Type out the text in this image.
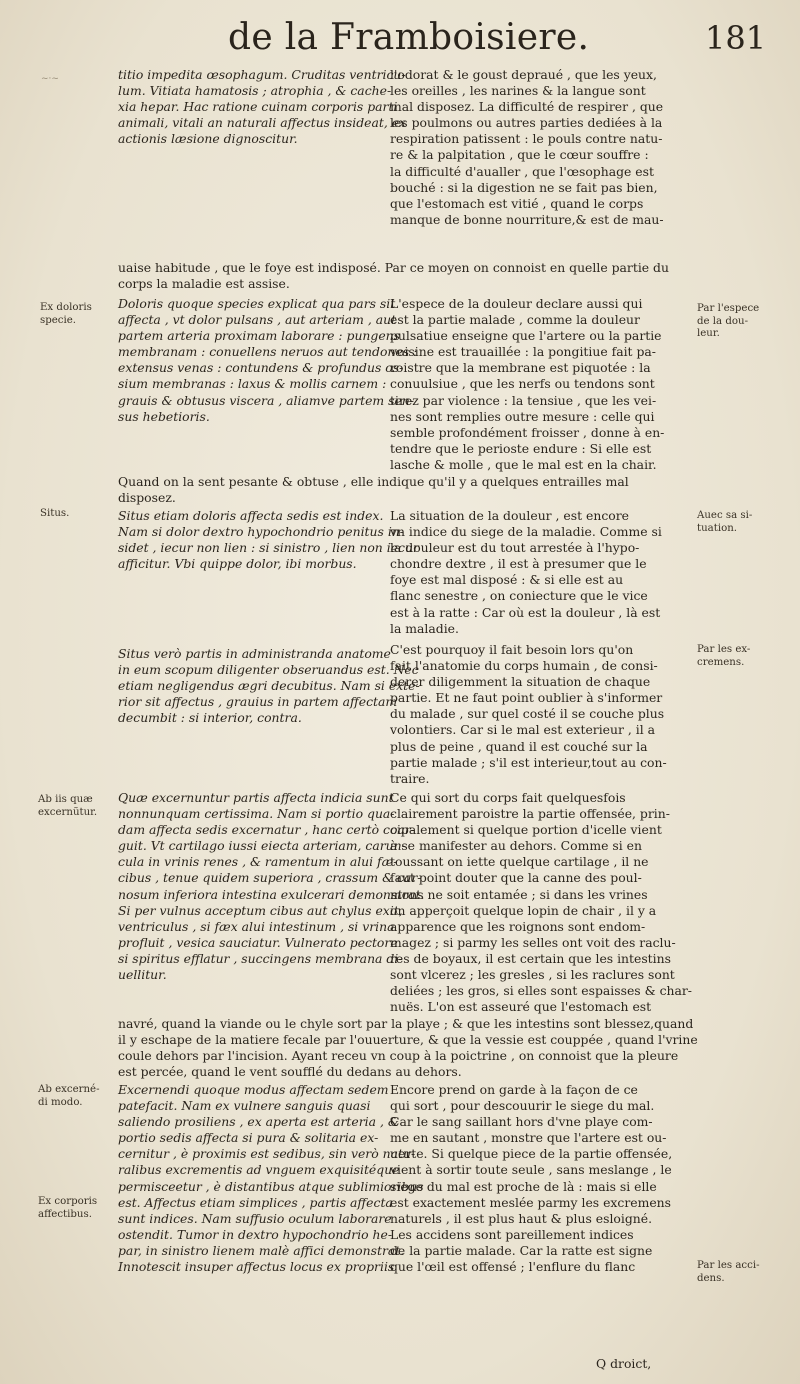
~·~
de la Framboisiere.	181
titio impedita œsophagum. Cruditas ventricu-
lum. Vitiata hamatosis ; atrophia , & cache-
xia hepar. Hac ratione cuinam corporis parti
animali, vitali an naturali affectus insideat, ex
actionis læsione dignoscitur.
l'odorat & le goust depraué , que les yeux,
les oreilles , les narines & la langue sont
mal disposez. La difficulté de respirer , que
les poulmons ou autres parties dediées à la
respiration patissent : le pouls contre natu-
re & la palpitation , que le cœur souffre :
la difficulté d'aualler , que l'œsophage est
bouché : si la digestion ne se fait pas bien,
que l'estomach est vitié , quand le corps
manque de bonne nourriture,& est de mau-
uaise habitude , que le foye est indisposé. Par ce moyen on connoist en quelle partie du
corps la maladie est assise.
Doloris quoque species explicat qua pars sit
affecta , vt dolor pulsans , aut arteriam , aut
partem arteria proximam laborare : pungens
membranam : conuellens neruos aut tendones :
extensus venas : contundens & profundus os-
sium membranas : laxus & mollis carnem :
grauis & obtusus viscera , aliamve partem sen-
sus hebetioris.
L'espece de la douleur declare aussi qui
est la partie malade , comme la douleur
pulsatiue enseigne que l'artere ou la partie
voisine est trauaillée : la pongitiue fait pa-
roistre que la membrane est piquotée : la
conuulsiue , que les nerfs ou tendons sont
tirez par violence : la tensiue , que les vei-
nes sont remplies outre mesure : celle qui
semble profondément froisser , donne à en-
tendre que le perioste endure : Si elle est
lasche & molle , que le mal est en la chair.
Quand on la sent pesante & obtuse , elle indique qu'il y a quelques entrailles mal
disposez.
Situs etiam doloris affecta sedis est index.
Nam si dolor dextro hypochondrio penitus in-
sidet , iecur non lien : si sinistro , lien non iecur
afficitur. Vbi quippe dolor, ibi morbus.
La situation de la douleur , est encore
vn indice du siege de la maladie. Comme si
la douleur est du tout arrestée à l'hypo-
chondre dextre , il est à presumer que le
foye est mal disposé : & si elle est au
flanc senestre , on coniecture que le vice
est à la ratte : Car où est la douleur , là est
la maladie.
Situs verò partis in administranda anatome
in eum scopum diligenter obseruandus est. Nec
etiam negligendus ægri decubitus. Nam si exte-
rior sit affectus , grauius in partem affectam
decumbit : si interior, contra.
C'est pourquoy il fait besoin lors qu'on
fait l'anatomie du corps humain , de consi-
derer diligemment la situation de chaque
partie. Et ne faut point oublier à s'informer
du malade , sur quel costé il se couche plus
volontiers. Car si le mal est exterieur , il a
plus de peine , quand il est couché sur la
partie malade ; s'il est interieur,tout au con-
traire.
Quæ excernuntur partis affecta indicia sunt
nonnunquam certissima. Nam si portio qua-
dam affecta sedis excernatur , hanc certò coar-
guit. Vt cartilago iussi eiecta arteriam, carun-
cula in vrinis renes , & ramentum in alui fæ-
cibus , tenue quidem superiora , crassum & car-
nosum inferiora intestina exulcerari demonstrat.
Si per vulnus acceptum cibus aut chylus exit,
ventriculus , si fæx alui intestinum , si vrina
profluit , vesica sauciatur. Vulnerato pectore
si spiritus efflatur , succingens membrana di-
uellitur.
Ce qui sort du corps fait quelquesfois
clairement paroistre la partie offensée, prin-
cipalement si quelque portion d'icelle vient
à se manifester au dehors. Comme si en
toussant on iette quelque cartilage , il ne
faut point douter que la canne des poul-
mons ne soit entamée ; si dans les vrines
on apperçoit quelque lopin de chair , il y a
apparence que les roignons sont endom-
magez ; si parmy les selles ont voit des raclu-
res de boyaux, il est certain que les intestins
sont vlcerez ; les gresles , si les raclures sont
deliées ; les gros, si elles sont espaisses & char-
nuës. L'on est asseuré que l'estomach est
navré, quand la viande ou le chyle sort par la playe ; & que les intestins sont blessez,quand
il y eschape de la matiere fecale par l'ouuerture, & que la vessie est couppée , quand l'vrine
coule dehors par l'incision. Ayant receu vn coup à la poictrine , on connoist que la pleure
est percée, quand le vent soufflé du dedans au dehors.
Excernendi quoque modus affectam sedem
patefacit. Nam ex vulnere sanguis quasi
saliendo prosiliens , ex aperta est arteria , &
portio sedis affecta si pura & solitaria ex-
cernitur , è proximis est sedibus, sin verò natu-
ralibus excrementis ad vnguem exquisitéque
permisceetur , è distantibus atque sublimioribus
est. Affectus etiam simplices , partis affecta
sunt indices. Nam suffusio oculum laborare
ostendit. Tumor in dextro hypochondrio he-
par, in sinistro lienem malè affici demonstrat.
Innotescit insuper affectus locus ex propriis
Encore prend on garde à la façon de ce
qui sort , pour descouurir le siege du mal.
Car le sang saillant hors d'vne playe com-
me en sautant , monstre que l'artere est ou-
uerte. Si quelque piece de la partie offensée,
vient à sortir toute seule , sans meslange , le
siege du mal est proche de là : mais si elle
est exactement meslée parmy les excremens
naturels , il est plus haut & plus esloigné.
Les accidens sont pareillement indices
de la partie malade. Car la ratte est signe
que l'œil est offensé ; l'enflure du flanc
Q droict,
Ex doloris
specie.
Par l'espece
de la dou-
leur.
Situs.	Auec sa si-
tuation.
Par les ex-
cremens.
Ab iis quæ
excernũtur.
Ab excerné-
di modo.
Ex corporis
affectibus.
Par les acci-
dens.
